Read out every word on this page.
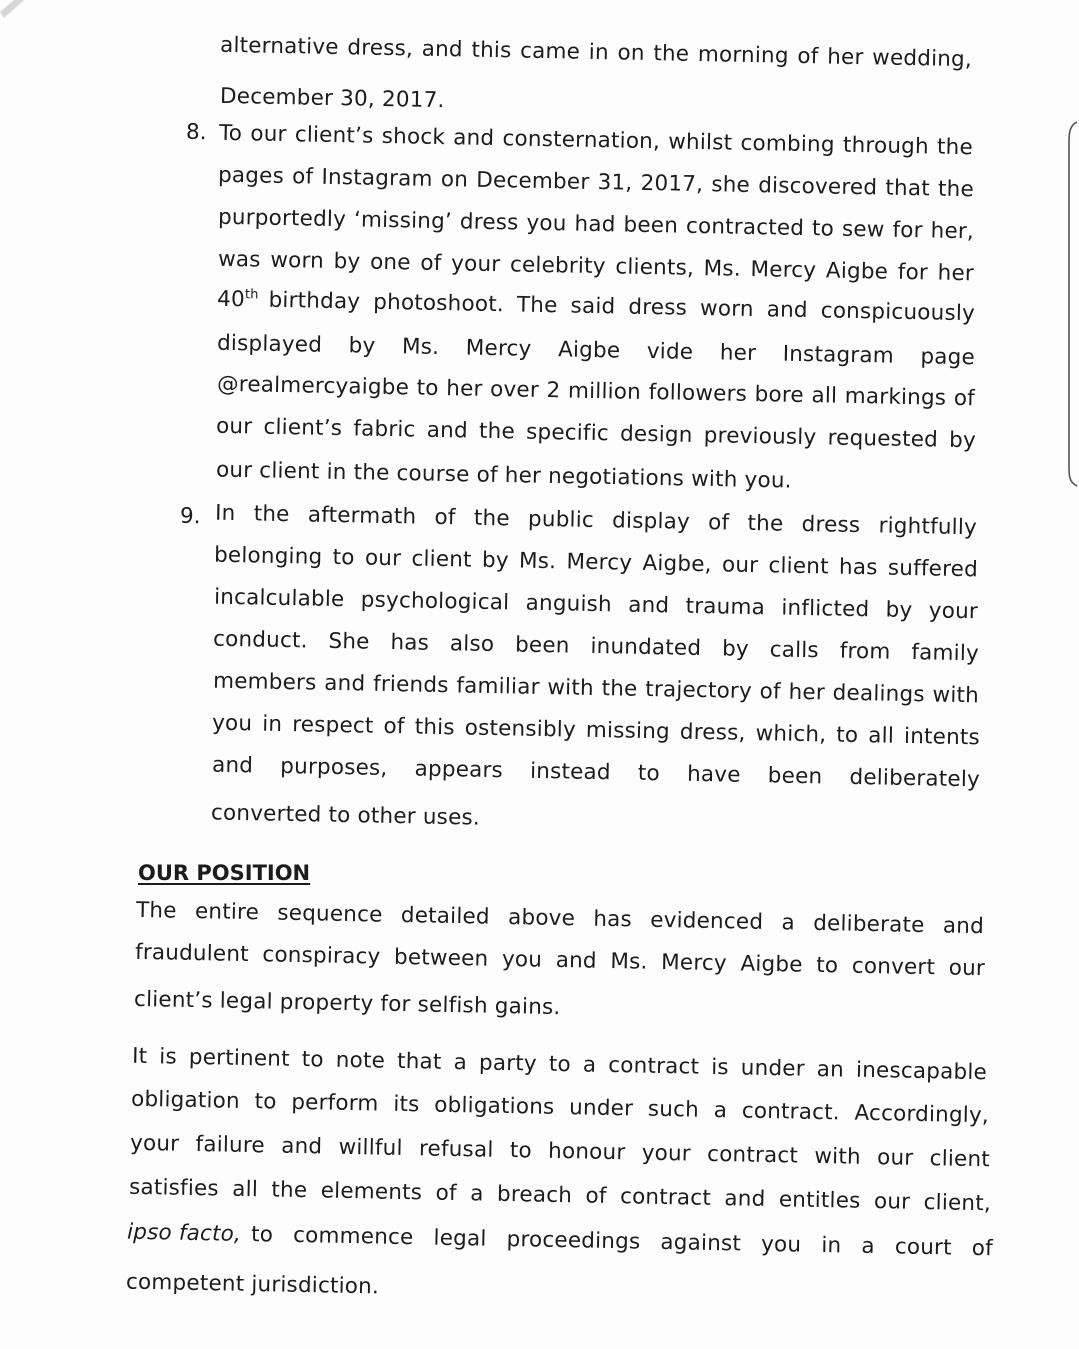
alternative dress, and this came in on the morning of her wedding,
December 30, 2017.
8. To our client’s shock and consternation, whilst combing through the
pages of Instagram on December 31, 2017, she discovered that the
purportedly ‘missing’ dress you had been contracted to sew for her,
was worn by one of your celebrity clients, Ms. Mercy Aigbe for her
40th birthday photoshoot. The said dress worn and conspicuously
displayed by Ms. Mercy Aigbe vide her Instagram page
@realmercyaigbe to her over 2 million followers bore all markings of
our client’s fabric and the specific design previously requested by
our client in the course of her negotiations with you.
9. In the aftermath of the public display of the dress rightfully
belonging to our client by Ms. Mercy Aigbe, our client has suffered
incalculable psychological anguish and trauma inflicted by your
conduct. She has also been inundated by calls from family
members and friends familiar with the trajectory of her dealings with
you in respect of this ostensibly missing dress, which, to all intents
and purposes, appears instead to have been deliberately
converted to other uses.
OUR POSITION
The entire sequence detailed above has evidenced a deliberate and
fraudulent conspiracy between you and Ms. Mercy Aigbe to convert our
client’s legal property for selfish gains.
It is pertinent to note that a party to a contract is under an inescapable
obligation to perform its obligations under such a contract. Accordingly,
your failure and willful refusal to honour your contract with our client
satisfies all the elements of a breach of contract and entitles our client,
ipso facto, to commence legal proceedings against you in a court of
competent jurisdiction.
